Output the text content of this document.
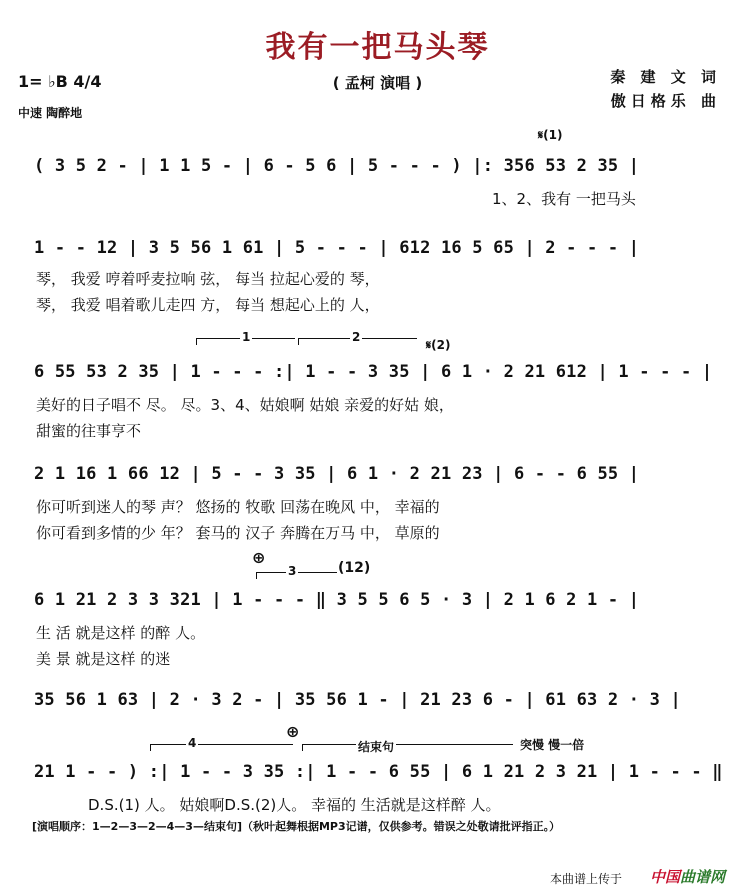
我有一把马头琴
( 孟柯 演唱 )
1= ♭B 4/4
中速 陶醉地
秦 建 文 词
傲日格乐 曲
𝄋(1)
( 3 5 2 - | 1 1 5 - | 6 - 5 6 | 5 - - - ) |: 356 53 2 35 |
1、2、我有 一把马头
1 - - 12 | 3 5 56 1 61 | 5 - - - | 612 16 5 65 | 2 - - - |
琴， 我爱 哼着呼麦拉响 弦， 每当 拉起心爱的 琴，
琴， 我爱 唱着歌儿走四 方， 每当 想起心上的 人，
1	2
𝄋(2)
6 55 53 2 35 | 1 - - - :| 1 - - 3 35 | 6 1 · 2 21 612 | 1 - - - |
美好的日子唱不 尽。 尽。3、4、姑娘啊 姑娘 亲爱的好姑 娘，
甜蜜的往事亨不
2 1 16 1 66 12 | 5 - - 3 35 | 6 1 · 2 21 23 | 6 - - 6 55 |
你可听到迷人的琴 声？ 悠扬的 牧歌 回荡在晚风 中， 幸福的
你可看到多情的少 年？ 套马的 汉子 奔腾在万马 中， 草原的
⊕
3	(12)
6 1 21 2 3 3 321 | 1 - - - ‖ 3 5 5 6 5 · 3 | 2 1 6 2 1 - |
生 活 就是这样 的醉 人。
美 景 就是这样 的迷
35 56 1 63 | 2 · 3 2 - | 35 56 1 - | 21 23 6 - | 61 63 2 · 3 |
4
⊕
结束句	突慢 慢一倍
21 1 - - ) :| 1 - - 3 35 :| 1 - - 6 55 | 6 1 21 2 3 21 | 1 - - - ‖
D.S.(1) 人。 姑娘啊D.S.(2)人。 幸福的 生活就是这样醉 人。
[演唱顺序：1—2—3—2—4—3—结束句]（秋叶起舞根据MP3记谱，仅供参考。错误之处敬请批评指正。）
本曲谱上传于 中国曲谱网
